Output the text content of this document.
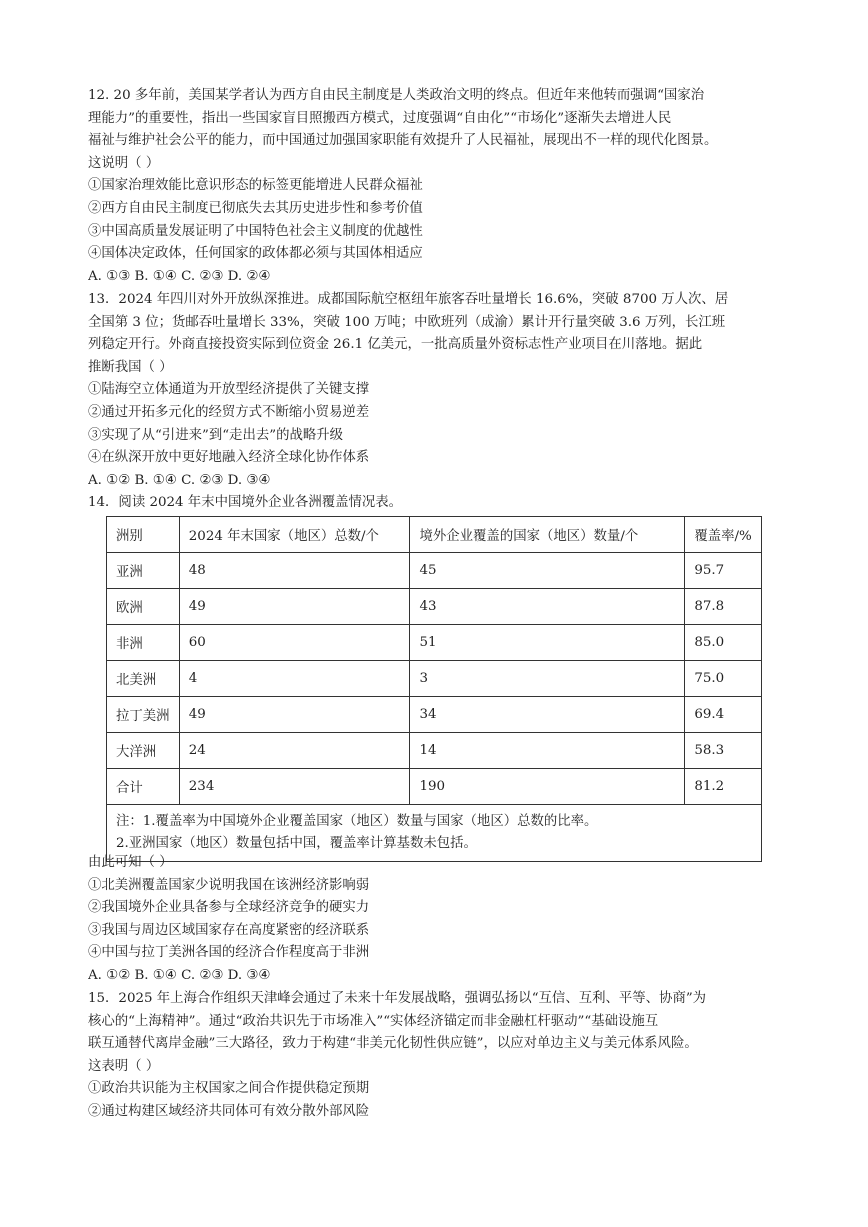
12. 20 多年前，美国某学者认为西方自由民主制度是人类政治文明的终点。但近年来他转而强调“国家治
理能力”的重要性，指出一些国家盲目照搬西方模式，过度强调“自由化”“市场化”逐渐失去增进人民
福祉与维护社会公平的能力，而中国通过加强国家职能有效提升了人民福祉，展现出不一样的现代化图景。
这说明（ ）
①国家治理效能比意识形态的标签更能增进人民群众福祉
②西方自由民主制度已彻底失去其历史进步性和参考价值
③中国高质量发展证明了中国特色社会主义制度的优越性
④国体决定政体，任何国家的政体都必须与其国体相适应
A. ①③ B. ①④ C. ②③ D. ②④
13．2024 年四川对外开放纵深推进。成都国际航空枢纽年旅客吞吐量增长 16.6%，突破 8700 万人次、居
全国第 3 位；货邮吞吐量增长 33%，突破 100 万吨；中欧班列（成渝）累计开行量突破 3.6 万列，长江班
列稳定开行。外商直接投资实际到位资金 26.1 亿美元，一批高质量外资标志性产业项目在川落地。据此
推断我国（ ）
①陆海空立体通道为开放型经济提供了关键支撑
②通过开拓多元化的经贸方式不断缩小贸易逆差
③实现了从“引进来”到“走出去”的战略升级
④在纵深开放中更好地融入经济全球化协作体系
A. ①② B. ①④ C. ②③ D. ③④
14．阅读 2024 年末中国境外企业各洲覆盖情况表。
洲别	2024 年末国家（地区）总数/个	境外企业覆盖的国家（地区）数量/个	覆盖率/%
亚洲	48	45	95.7
欧洲	49	43	87.8
非洲	60	51	85.0
北美洲	4	3	75.0
拉丁美洲	49	34	69.4
大洋洲	24	14	58.3
合计	234	190	81.2

注：1.覆盖率为中国境外企业覆盖国家（地区）数量与国家（地区）总数的比率。
2.亚洲国家（地区）数量包括中国，覆盖率计算基数未包括。			
由此可知（ ）
①北美洲覆盖国家少说明我国在该洲经济影响弱
②我国境外企业具备参与全球经济竞争的硬实力
③我国与周边区域国家存在高度紧密的经济联系
④中国与拉丁美洲各国的经济合作程度高于非洲
A. ①② B. ①④ C. ②③ D. ③④
15．2025 年上海合作组织天津峰会通过了未来十年发展战略，强调弘扬以“互信、互利、平等、协商”为
核心的“上海精神”。通过“政治共识先于市场准入”“实体经济锚定而非金融杠杆驱动”“基础设施互
联互通替代离岸金融”三大路径，致力于构建“非美元化韧性供应链”，以应对单边主义与美元体系风险。
这表明（ ）
①政治共识能为主权国家之间合作提供稳定预期
②通过构建区域经济共同体可有效分散外部风险
